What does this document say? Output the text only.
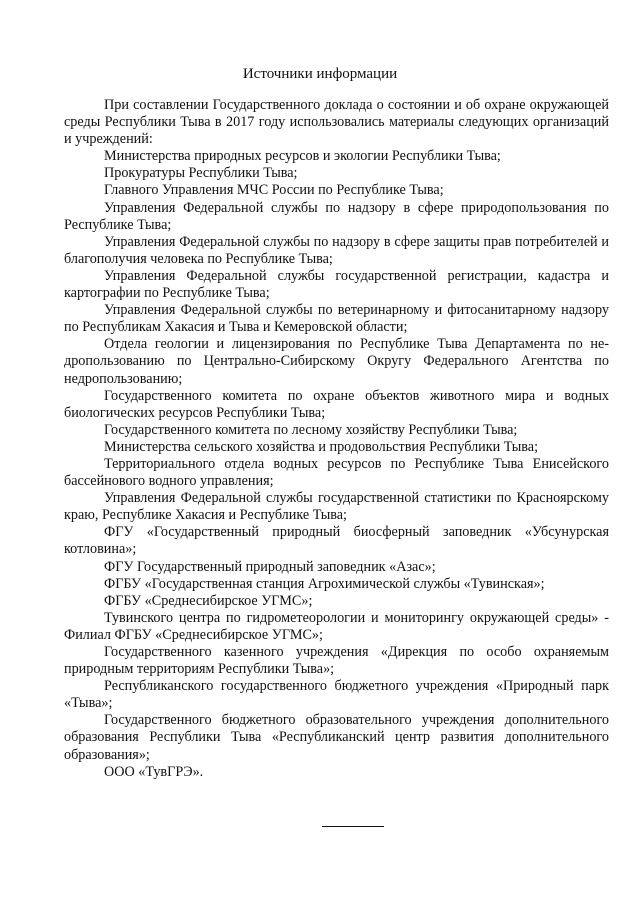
Источники информации

При составлении Государственного доклада о состоянии и об охране окружающей среды Республики Тыва в 2017 году использовались материалы следующих организаций и учреждений:

Министерства природных ресурсов и экологии Республики Тыва;

Прокуратуры Республики Тыва;

Главного Управления МЧС России по Республике Тыва;

Управления Федеральной службы по надзору в сфере природопользования по Республике Тыва;

Управления Федеральной службы по надзору в сфере защиты прав потребителей и благополучия человека по Республике Тыва;

Управления Федеральной службы государственной регистрации, кадастра и картографии по Республике Тыва;

Управления Федеральной службы по ветеринарному и фитосанитарному надзору по Республикам Хакасия и Тыва и Кемеровской области;

Отдела геологии и лицензирования по Республике Тыва Департамента по недропользованию по Центрально-Сибирскому Округу Федерального Агентства по недропользованию;

Государственного комитета по охране объектов животного мира и водных биологических ресурсов Республики Тыва;

Государственного комитета по лесному хозяйству Республики Тыва;

Министерства сельского хозяйства и продовольствия Республики Тыва;

Территориального отдела водных ресурсов по Республике Тыва Енисейского бассейнового водного управления;

Управления Федеральной службы государственной статистики по Красноярскому краю, Республике Хакасия и Республике Тыва;

ФГУ «Государственный природный биосферный заповедник «Убсунурская котловина»;

ФГУ Государственный природный заповедник «Азас»;

ФГБУ «Государственная станция Агрохимической службы «Тувинская»;

ФГБУ «Среднесибирское УГМС»;

Тувинского центра по гидрометеорологии и мониторингу окружающей среды» - Филиал ФГБУ «Среднесибирское УГМС»;

Государственного казенного учреждения «Дирекция по особо охраняемым природным территориям Республики Тыва»;

Республиканского государственного бюджетного учреждения «Природный парк «Тыва»;

Государственного бюджетного образовательного учреждения дополнительного образования Республики Тыва «Республиканский центр развития дополнительного образования»;

ООО «ТувГРЭ».
